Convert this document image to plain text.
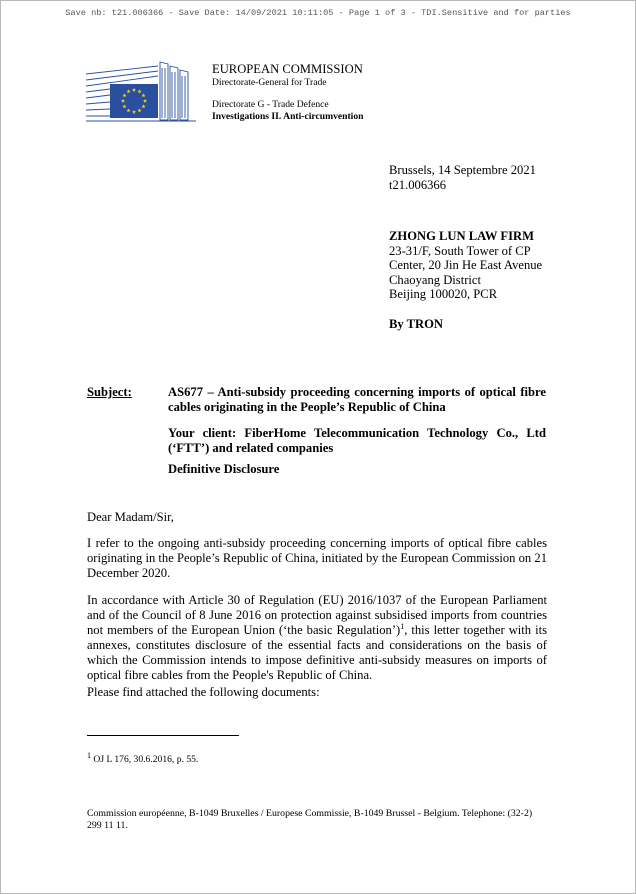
Save nb: t21.006366 - Save Date: 14/09/2021 10:11:05 - Page 1 of 3 - TDI.Sensitive and for parties
EUROPEAN COMMISSION
Directorate-General for Trade
Directorate G - Trade Defence
Investigations II. Anti-circumvention
Brussels, 14 Septembre 2021
t21.006366
ZHONG LUN LAW FIRM
23-31/F, South Tower of CP
Center, 20 Jin He East Avenue
Chaoyang District
Beijing 100020, PCR
By TRON
Subject:	AS677 – Anti-subsidy proceeding concerning imports of optical fibre cables originating in the People’s Republic of China
Your client: FiberHome Telecommunication Technology Co., Ltd (‘FTT’) and related companies
Definitive Disclosure
Dear Madam/Sir,
I refer to the ongoing anti-subsidy proceeding concerning imports of optical fibre cables originating in the People’s Republic of China, initiated by the European Commission on 21 December 2020.
In accordance with Article 30 of Regulation (EU) 2016/1037 of the European Parliament and of the Council of 8 June 2016 on protection against subsidised imports from countries not members of the European Union (‘the basic Regulation’)$^1$, this letter together with its annexes, constitutes disclosure of the essential facts and considerations on the basis of which the Commission intends to impose definitive anti-subsidy measures on imports of optical fibre cables from the People's Republic of China.
Please find attached the following documents:
$^1$ OJ L 176, 30.6.2016, p. 55.
Commission européenne, B-1049 Bruxelles / Europese Commissie, B-1049 Brussel - Belgium. Telephone: (32-2) 299 11 11.
